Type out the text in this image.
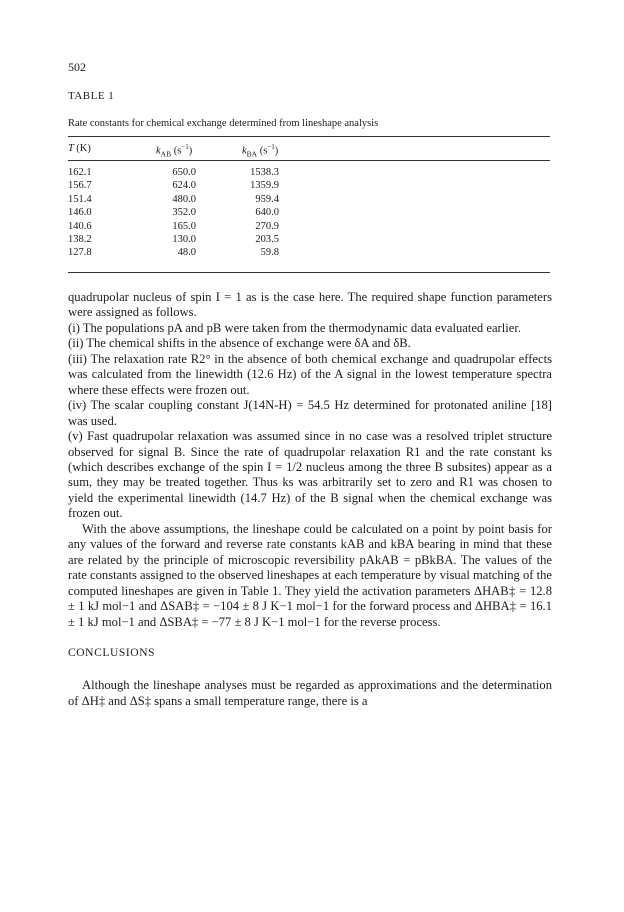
502
TABLE 1
Rate constants for chemical exchange determined from lineshape analysis
T (K)	$k_{AB}$ $(s^{-1})$	$k_{BA}$ $(s^{-1})$
162.1	650.0	1538.3
156.7	624.0	1359.9
151.4	480.0	959.4
146.0	352.0	640.0
140.6	165.0	270.9
138.2	130.0	203.5
127.8	48.0	59.8

quadrupolar nucleus of spin I = 1 as is the case here. The required shape function parameters were assigned as follows.

(i) The populations pA and pB were taken from the thermodynamic data evaluated earlier.

(ii) The chemical shifts in the absence of exchange were δA and δB.

(iii) The relaxation rate R2° in the absence of both chemical exchange and quadrupolar effects was calculated from the linewidth (12.6 Hz) of the A signal in the lowest temperature spectra where these effects were frozen out.

(iv) The scalar coupling constant J(14N-H) = 54.5 Hz determined for protonated aniline [18] was used.

(v) Fast quadrupolar relaxation was assumed since in no case was a resolved triplet structure observed for signal B. Since the rate of quadrupolar relaxation R1 and the rate constant ks (which describes exchange of the spin I = 1/2 nucleus among the three B subsites) appear as a sum, they may be treated together. Thus ks was arbitrarily set to zero and R1 was chosen to yield the experimental linewidth (14.7 Hz) of the B signal when the chemical exchange was frozen out.

With the above assumptions, the lineshape could be calculated on a point by point basis for any values of the forward and reverse rate constants kAB and kBA bearing in mind that these are related by the principle of microscopic reversibility pAkAB = pBkBA. The values of the rate constants assigned to the observed lineshapes at each temperature by visual matching of the computed lineshapes are given in Table 1. They yield the activation parameters ΔHAB‡ = 12.8 ± 1 kJ mol−1 and ΔSAB‡ = −104 ± 8 J K−1 mol−1 for the forward process and ΔHBA‡ = 16.1 ± 1 kJ mol−1 and ΔSBA‡ = −77 ± 8 J K−1 mol−1 for the reverse process.

CONCLUSIONS

Although the lineshape analyses must be regarded as approximations and the determination of ΔH‡ and ΔS‡ spans a small temperature range, there is a
